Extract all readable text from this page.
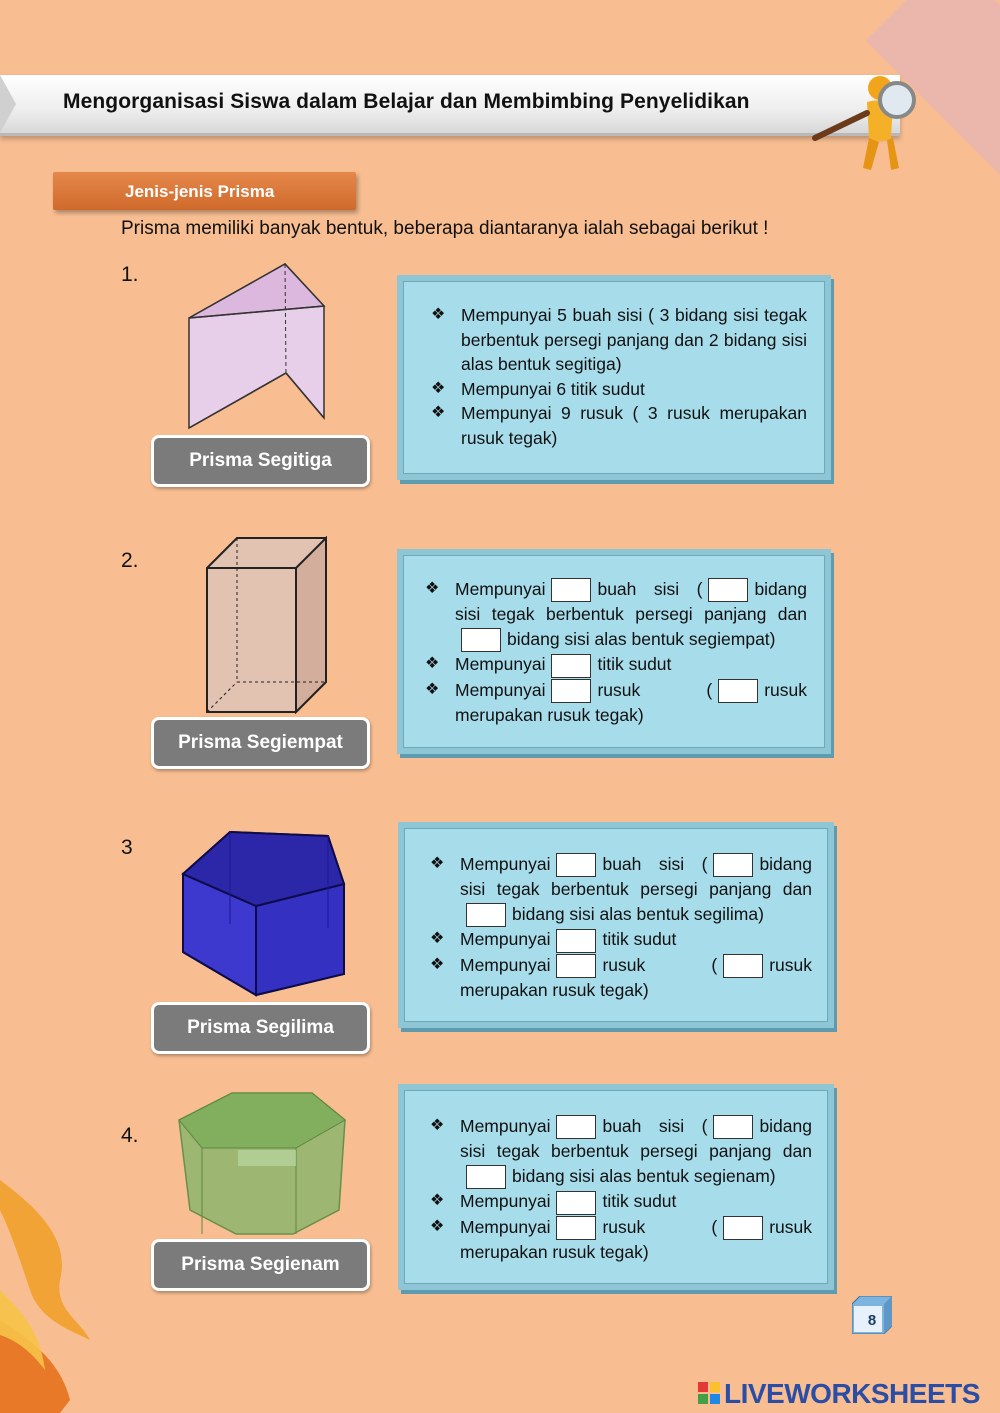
Mengorganisasi Siswa dalam Belajar dan Membimbing Penyelidikan
Jenis-jenis Prisma
Prisma memiliki banyak bentuk, beberapa diantaranya ialah sebagai berikut !
1.
Prisma Segitiga
❖ Mempunyai 5 buah sisi ( 3 bidang sisi tegak berbentuk persegi panjang dan 2 bidang sisi alas bentuk segitiga)
❖ Mempunyai 6 titik sudut
❖ Mempunyai 9 rusuk ( 3 rusuk merupakan rusuk tegak)
2.
Prisma Segiempat
❖ Mempunyai	buah sisi (	bidang sisi tegak berbentuk persegi panjang danbidang sisi alas bentuk segiempat)
❖ Mempunyai	titik sudut
❖ Mempunyai	rusuk (	rusuk merupakan rusuk tegak)
3
Prisma Segilima
❖ Mempunyai	buah sisi (	bidang sisi tegak berbentuk persegi panjang danbidang sisi alas bentuk segilima)
❖ Mempunyai	titik sudut
❖ Mempunyai	rusuk (	rusuk merupakan rusuk tegak)
4.
Prisma Segienam
❖ Mempunyai	buah sisi (	bidang sisi tegak berbentuk persegi panjang danbidang sisi alas bentuk segienam)
❖ Mempunyai	titik sudut
❖ Mempunyai	rusuk (	rusuk merupakan rusuk tegak)
8
LIVEWORKSHEETS
